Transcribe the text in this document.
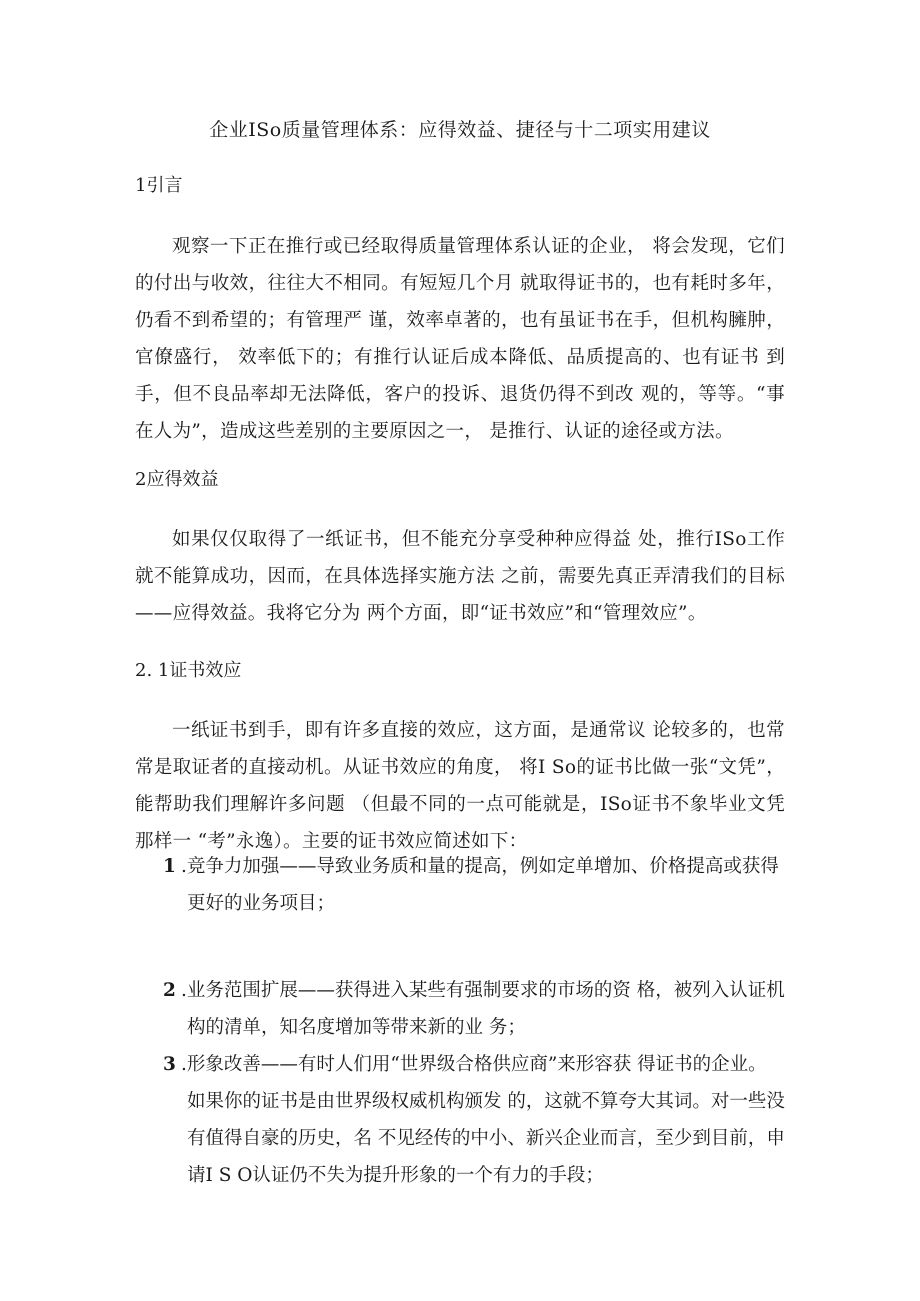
企业ISo质量管理体系：应得效益、捷径与十二项实用建议
1引言

观察一下正在推行或已经取得质量管理体系认证的企业， 将会发现，它们的付出与收效，往往大不相同。有短短几个月 就取得证书的，也有耗时多年，仍看不到希望的；有管理严 谨，效率卓著的，也有虽证书在手，但机构臃肿，官僚盛行， 效率低下的；有推行认证后成本降低、品质提高的、也有证书 到手，但不良品率却无法降低，客户的投诉、退货仍得不到改 观的，等等。“事在人为”，造成这些差别的主要原因之一， 是推行、认证的途径或方法。

2应得效益

如果仅仅取得了一纸证书，但不能充分享受种种应得益 处，推行ISo工作就不能算成功，因而，在具体选择实施方法 之前，需要先真正弄清我们的目标——应得效益。我将它分为 两个方面，即“证书效应”和“管理效应”。

2. 1证书效应

一纸证书到手，即有许多直接的效应，这方面，是通常议 论较多的，也常常是取证者的直接动机。从证书效应的角度， 将I So的证书比做一张“文凭”，能帮助我们理解许多问题 （但最不同的一点可能就是，ISo证书不象毕业文凭那样一 “考”永逸）。主要的证书效应简述如下：

1 .竞争力加强——导致业务质和量的提高，例如定单增加、价格提高或获得更好的业务项目；
2 .业务范围扩展——获得进入某些有强制要求的市场的资 格，被列入认证机构的清单，知名度增加等带来新的业 务；
3 .形象改善——有时人们用“世界级合格供应商”来形容获 得证书的企业。如果你的证书是由世界级权威机构颁发 的，这就不算夸大其词。对一些没有值得自豪的历史，名 不见经传的中小、新兴企业而言，至少到目前，申请I S O认证仍不失为提升形象的一个有力的手段；
